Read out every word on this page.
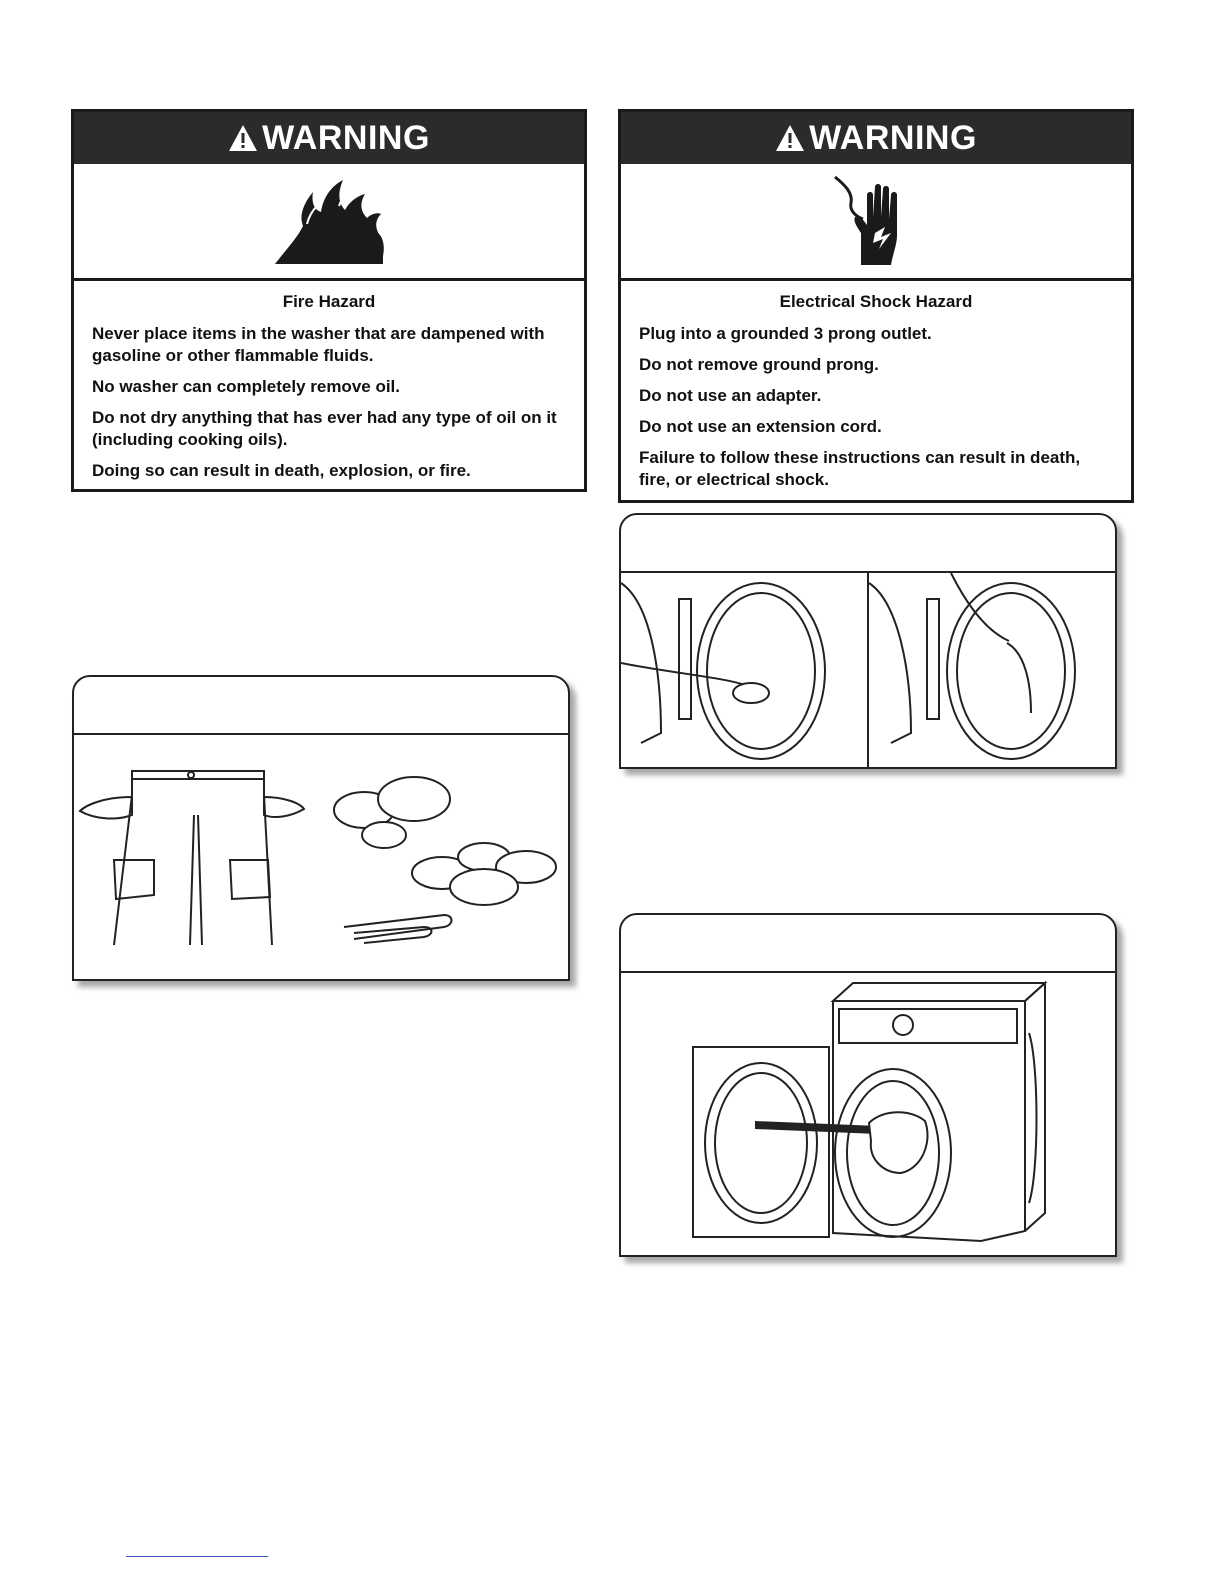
WARNING
Fire Hazard

Never place items in the washer that are dampened with gasoline or other flammable fluids.

No washer can completely remove oil.

Do not dry anything that has ever had any type of oil on it (including cooking oils).

Doing so can result in death, explosion, or fire.

WARNING
Electrical Shock Hazard

Plug into a grounded 3 prong outlet.

Do not remove ground prong.

Do not use an adapter.

Do not use an extension cord.

Failure to follow these instructions can result in death, fire, or electrical shock.
